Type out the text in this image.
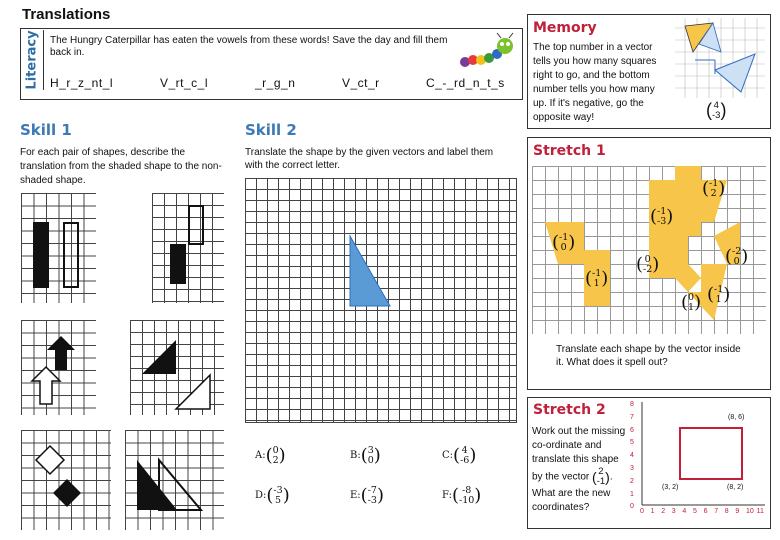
Translations
Literacy The Hungry Caterpillar has eaten the vowels from these words! Save the day and fill them back in.
H_r_z_nt_l	V_rt_c_l	_r_g_n	V_ct_r	C_-_rd_n_t_s
Memory
The top number in a vector tells you how many squares right to go, and the bottom number tells you how many up. If it's negative, go the opposite way!	( 4
-3 )
Skill 1
For each pair of shapes, describe the translation from the shaded shape to the non-shaded shape.
Skill 2
Translate the shape by the given vectors and label them with the correct letter.
A:( 0
2 )	B:( 3
0 )	C:( 4
-6 )
D:( -3
5 )	E:( -7
-3 )	F:( -8
-10 )
Stretch 1
( -1
2 )
( -1
-3 )
( -1
0 )
( -2
0 )
( 0
-2 )
( -1
1 )
( -1
1 )
( 0
1 )
Translate each shape by the vector inside it. What does it spell out?
Stretch 2
Work out the missing co-ordinate and translate this shape by the vector ( 2
-1 ). What are the new coordinates?
8
7
6
5
4
3
2
1
0
0 1 2 3 4 5 6 7 8 9 10 11
(8, 6)
(3, 2)	(8, 2)
